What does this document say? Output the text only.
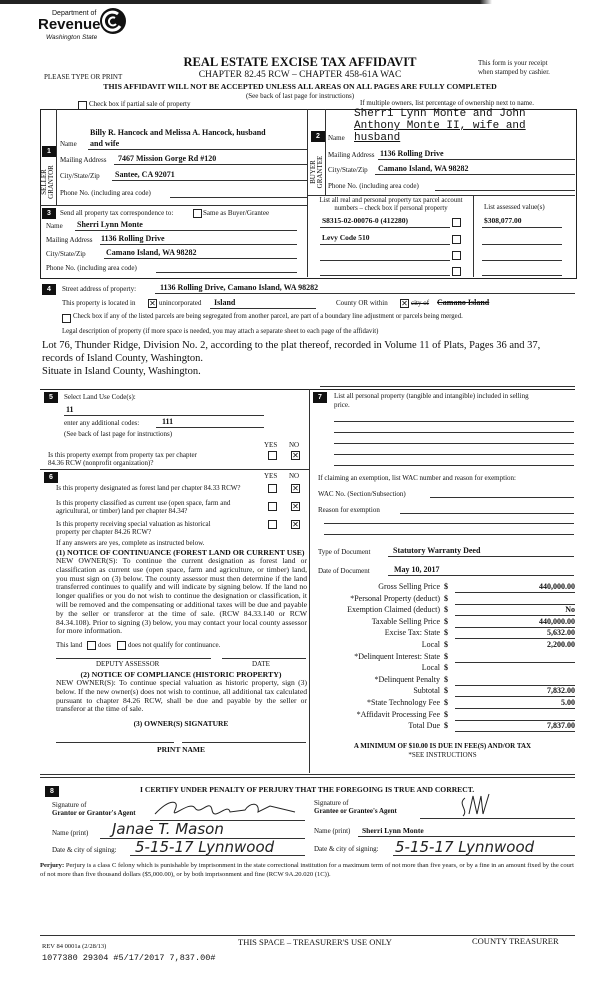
Department of
Revenue
Washington State
REAL ESTATE EXCISE TAX AFFIDAVIT
CHAPTER 82.45 RCW – CHAPTER 458-61A WAC
PLEASE TYPE OR PRINT
This form is your receipt
when stamped by cashier.
THIS AFFIDAVIT WILL NOT BE ACCEPTED UNLESS ALL AREAS ON ALL PAGES ARE FULLY COMPLETED
(See back of last page for instructions)
Check box if partial sale of property	If multiple owners, list percentage of ownership next to name.
1
SELLER
GRANTOR
Name
Billy R. Hancock and Melissa A. Hancock, husband
and wife
Mailing Address 7467 Mission Gorge Rd #120
City/State/Zip Santee, CA 92071
Phone No. (including area code)
2
BUYER
GRANTEE
Name
Sherri Lynn Monte and John
Anthony Monte II, wife and
husband
Mailing Address 1136 Rolling Drive
City/State/Zip Camano Island, WA 98282
Phone No. (including area code)
3	Send all property tax correspondence to:	Same as Buyer/Grantee
Name Sherri Lynn Monte
Mailing Address 1136 Rolling Drive
City/State/Zip	Camano Island, WA 98282
Phone No. (including area code)
List all real and personal property tax parcel account
numbers – check box if personal property	List assessed value(s)
S8315-02-00076-0 (412280)	$308,077.00
Levy Code 510
4	Street address of property:	1136 Rolling Drive, Camano Island, WA 98282
This property is located in ✕ unincorporated Island	County OR within ✕ city of Camano Island
Check box if any of the listed parcels are being segregated from another parcel, are part of a boundary line adjustment or parcels being merged.
Legal description of property (if more space is needed, you may attach a separate sheet to each page of the affidavit)
Lot 76, Thunder Ridge, Division No. 2, according to the plat thereof, recorded in Volume 11 of Plats, Pages 36 and 37,
records of Island County, Washington.
Situate in Island County, Washington.
5	Select Land Use Code(s):
11
enter any additional codes:	111
(See back of last page for instructions)
YES NO
Is this property exempt from property tax per chapter
84.36 RCW (nonprofit organization)?
✕
6	YES NO
Is this property designated as forest land per chapter 84.33 RCW?	✕
Is this property classified as current use (open space, farm and
agricultural, or timber) land per chapter 84.34?	✕
Is this property receiving special valuation as historical
property per chapter 84.26 RCW?
✕
If any answers are yes, complete as instructed below.
(1) NOTICE OF CONTINUANCE (FOREST LAND OR CURRENT USE)
NEW OWNER(S): To continue the current designation as forest land or classification as current use (open space, farm and agriculture, or timber) land, you must sign on (3) below. The county assessor must then determine if the land transferred continues to qualify and will indicate by signing below. If the land no longer qualifies or you do not wish to continue the designation or classification, it will be removed and the compensating or additional taxes will be due and payable by the seller or transferor at the time of sale. (RCW 84.33.140 or RCW 84.34.108). Prior to signing (3) below, you may contact your local county assessor for more information.
This land does does not qualify for continuance.
DEPUTY ASSESSOR	DATE
(2) NOTICE OF COMPLIANCE (HISTORIC PROPERTY)
NEW OWNER(S): To continue special valuation as historic property, sign (3) below. If the new owner(s) does not wish to continue, all additional tax calculated pursuant to chapter 84.26 RCW, shall be due and payable by the seller or transferor at the time of sale.
(3) OWNER(S) SIGNATURE
PRINT NAME
7	List all personal property (tangible and intangible) included in selling
price.
If claiming an exemption, list WAC number and reason for exemption:
WAC No. (Section/Subsection)
Reason for exemption
Type of Document	Statutory Warranty Deed
Date of Document	May 10, 2017
Gross Selling Price $	440,000.00
*Personal Property (deduct) $
Exemption Claimed (deduct) $	No
Taxable Selling Price $	440,000.00
Excise Tax: State $	5,632.00
Local $	2,200.00
*Delinquent Interest: State $
Local $
*Delinquent Penalty $
Subtotal $	7,832.00
*State Technology Fee $	5.00
*Affidavit Processing Fee $
Total Due $	7,837.00
A MINIMUM OF $10.00 IS DUE IN FEE(S) AND/OR TAX
*SEE INSTRUCTIONS
8	I CERTIFY UNDER PENALTY OF PERJURY THAT THE FOREGOING IS TRUE AND CORRECT.
Signature of
Grantor or Grantor's Agent
Name (print) Janae T. Mason
Date & city of signing: 5-15-17 Lynnwood
Signature of
Grantee or Grantee's Agent
Name (print) Sherri Lynn Monte
Date & city of signing: 5-15-17 Lynnwood
Perjury: Perjury is a class C felony which is punishable by imprisonment in the state correctional institution for a maximum term of not more than five years, or by a fine in an amount fixed by the court of not more than five thousand dollars ($5,000.00), or by both imprisonment and fine (RCW 9A.20.020 (1C)).
REV 84 0001a (2/28/13)	THIS SPACE – TREASURER'S USE ONLY	COUNTY TREASURER
1077380 29304 #5/17/2017 7,837.00#
